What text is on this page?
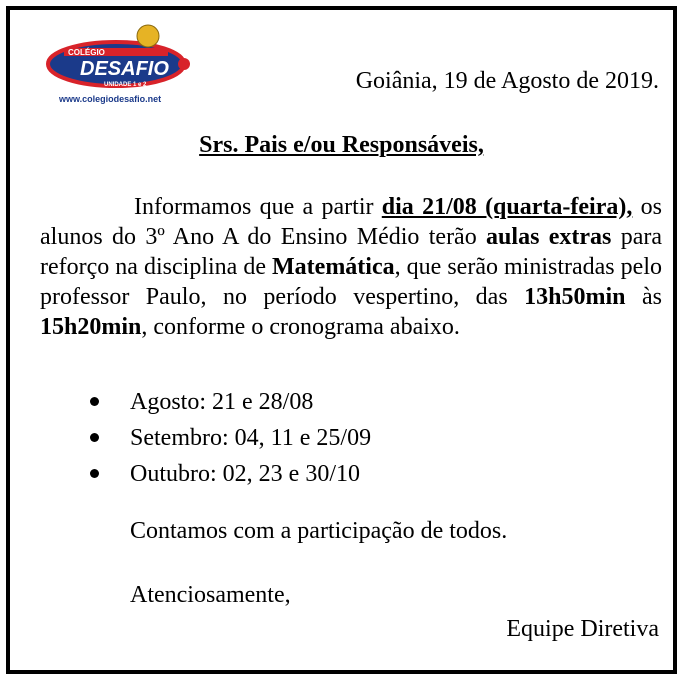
COLÉGIO
DESAFIO
UNIDADE 1 e 2
www.colegiodesafio.net
Goiânia, 19 de Agosto de 2019.
Srs. Pais e/ou Responsáveis,
Informamos que a partir dia 21/08 (quarta-feira), os alunos do 3º Ano A do Ensino Médio terão aulas extras para reforço na disciplina de Matemática, que serão ministradas pelo professor Paulo, no período vespertino, das 13h50min às 15h20min, conforme o cronograma abaixo.
Agosto: 21 e 28/08
Setembro: 04, 11 e 25/09
Outubro: 02, 23 e 30/10
Contamos com a participação de todos.
Atenciosamente,
Equipe Diretiva
